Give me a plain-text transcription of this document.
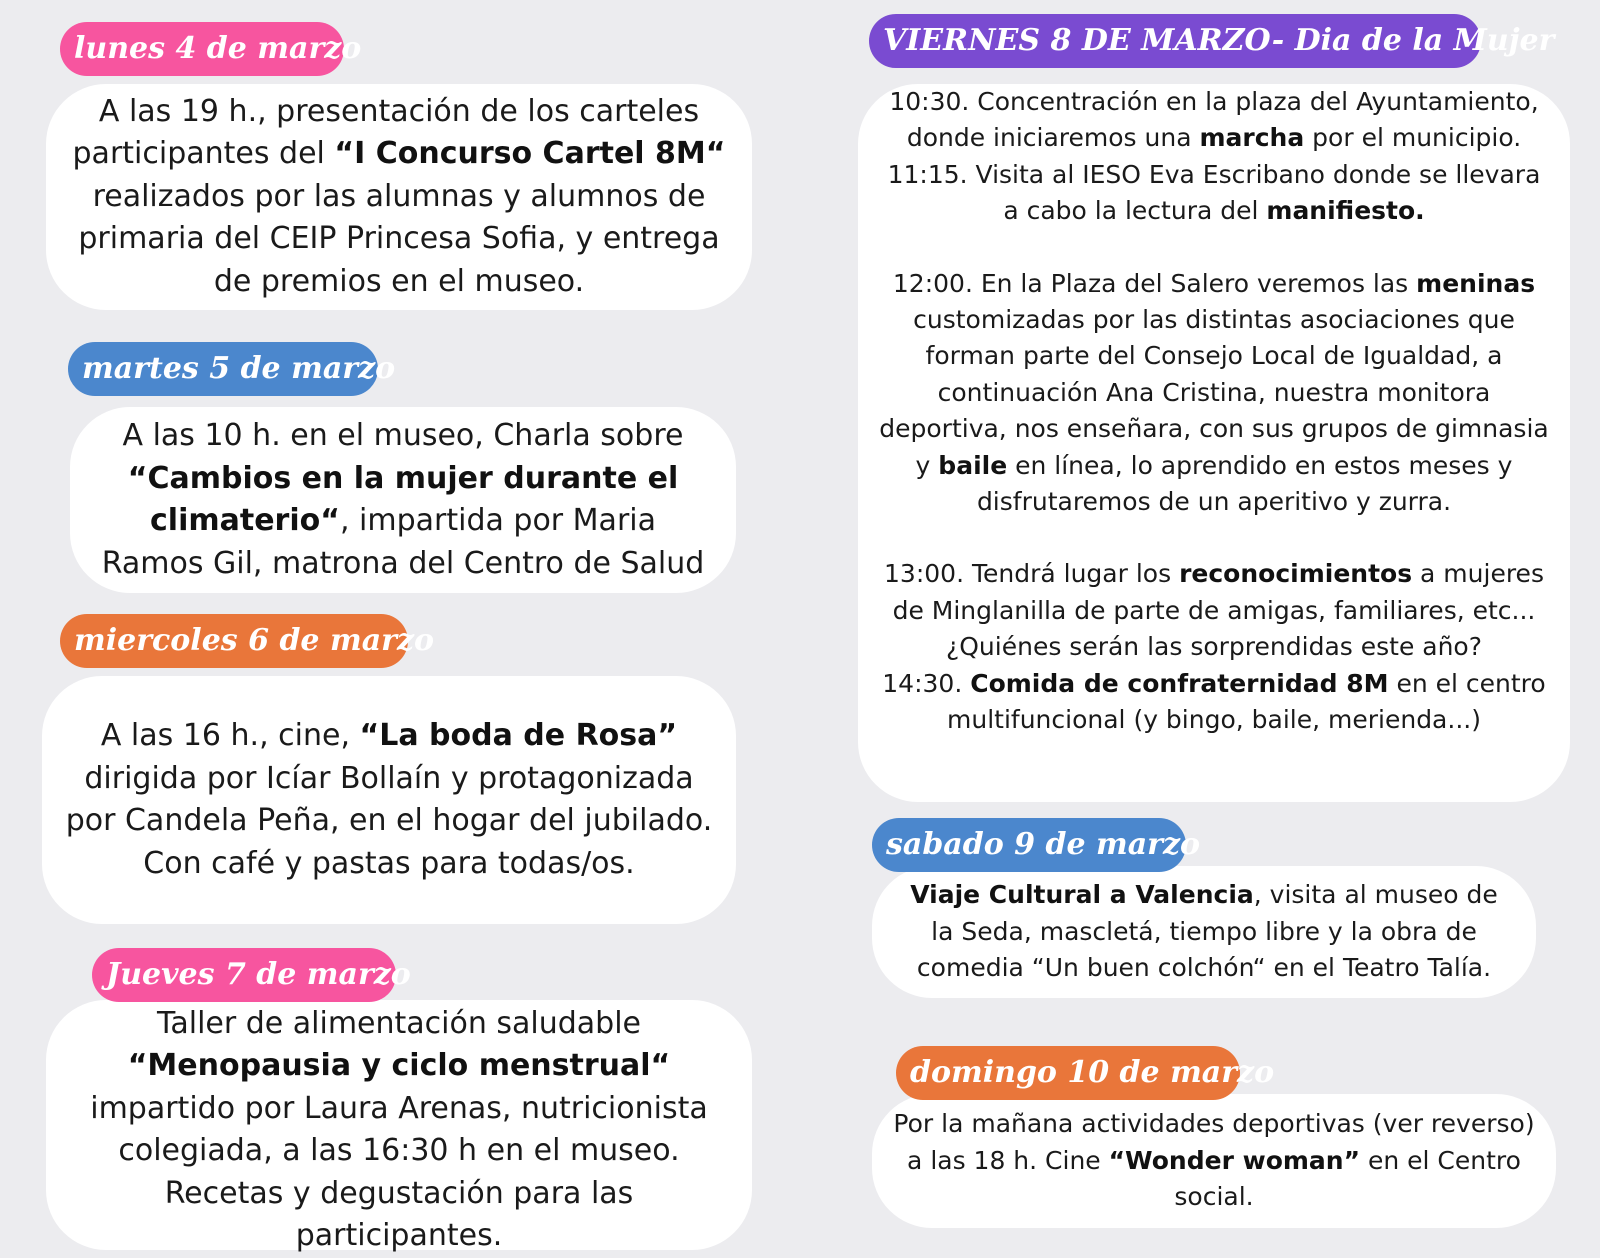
lunes 4 de marzo

A las 19 h., presentación de los carteles participantes del “I Concurso Cartel 8M“ realizados por las alumnas y alumnos de primaria del CEIP Princesa Sofia, y entrega de premios en el museo.

martes 5 de marzo

A las 10 h. en el museo, Charla sobre “Cambios en la mujer durante el climaterio“, impartida por Maria Ramos Gil, matrona del Centro de Salud

miercoles 6 de marzo

A las 16 h., cine, “La boda de Rosa” dirigida por Icíar Bollaín y protagonizada por Candela Peña, en el hogar del jubilado. Con café y pastas para todas/os.

Jueves 7 de marzo

Taller de alimentación saludable “Menopausia y ciclo menstrual“ impartido por Laura Arenas, nutricionista colegiada, a las 16:30 h en el museo. Recetas y degustación para las participantes.

VIERNES 8 DE MARZO- Dia de la Mujer

10:30. Concentración en la plaza del Ayuntamiento, donde iniciaremos una marcha por el municipio.

11:15. Visita al IESO Eva Escribano donde se llevara a cabo la lectura del manifiesto.

12:00. En la Plaza del Salero veremos las meninas customizadas por las distintas asociaciones que forman parte del Consejo Local de Igualdad, a continuación Ana Cristina, nuestra monitora deportiva, nos enseñara, con sus grupos de gimnasia y baile en línea, lo aprendido en estos meses y disfrutaremos de un aperitivo y zurra.

13:00. Tendrá lugar los reconocimientos a mujeres de Minglanilla de parte de amigas, familiares, etc...¿Quiénes serán las sorprendidas este año?

14:30. Comida de confraternidad 8M en el centro multifuncional (y bingo, baile, merienda...)

sabado 9 de marzo

Viaje Cultural a Valencia, visita al museo de la Seda, mascletá, tiempo libre y la obra de comedia “Un buen colchón“ en el Teatro Talía.

domingo 10 de marzo

Por la mañana actividades deportivas (ver reverso) a las 18 h. Cine “Wonder woman” en el Centro social.
